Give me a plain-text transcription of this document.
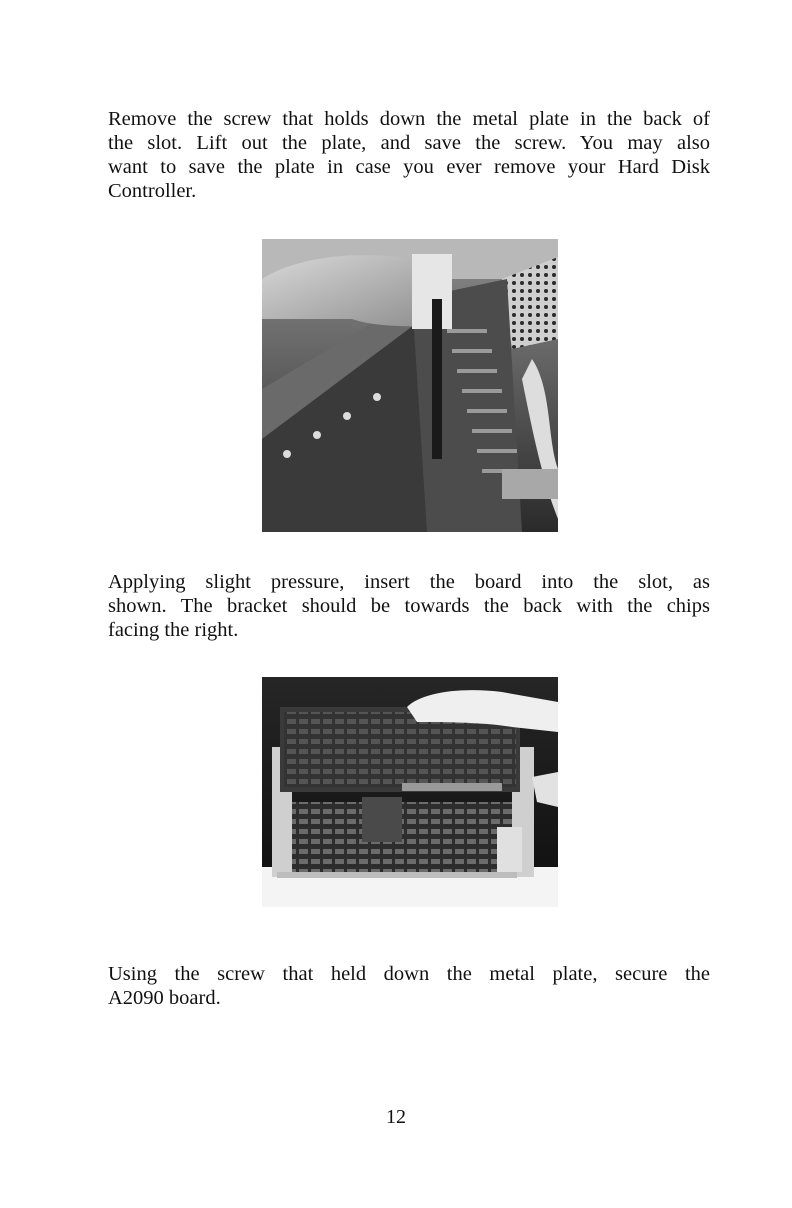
Remove the screw that holds down the metal plate in the back of
the slot. Lift out the plate, and save the screw. You may also
want to save the plate in case you ever remove your Hard Disk
Controller.
Applying slight pressure, insert the board into the slot, as
shown. The bracket should be towards the back with the chips
facing the right.
Using the screw that held down the metal plate, secure the
A2090 board.
12
